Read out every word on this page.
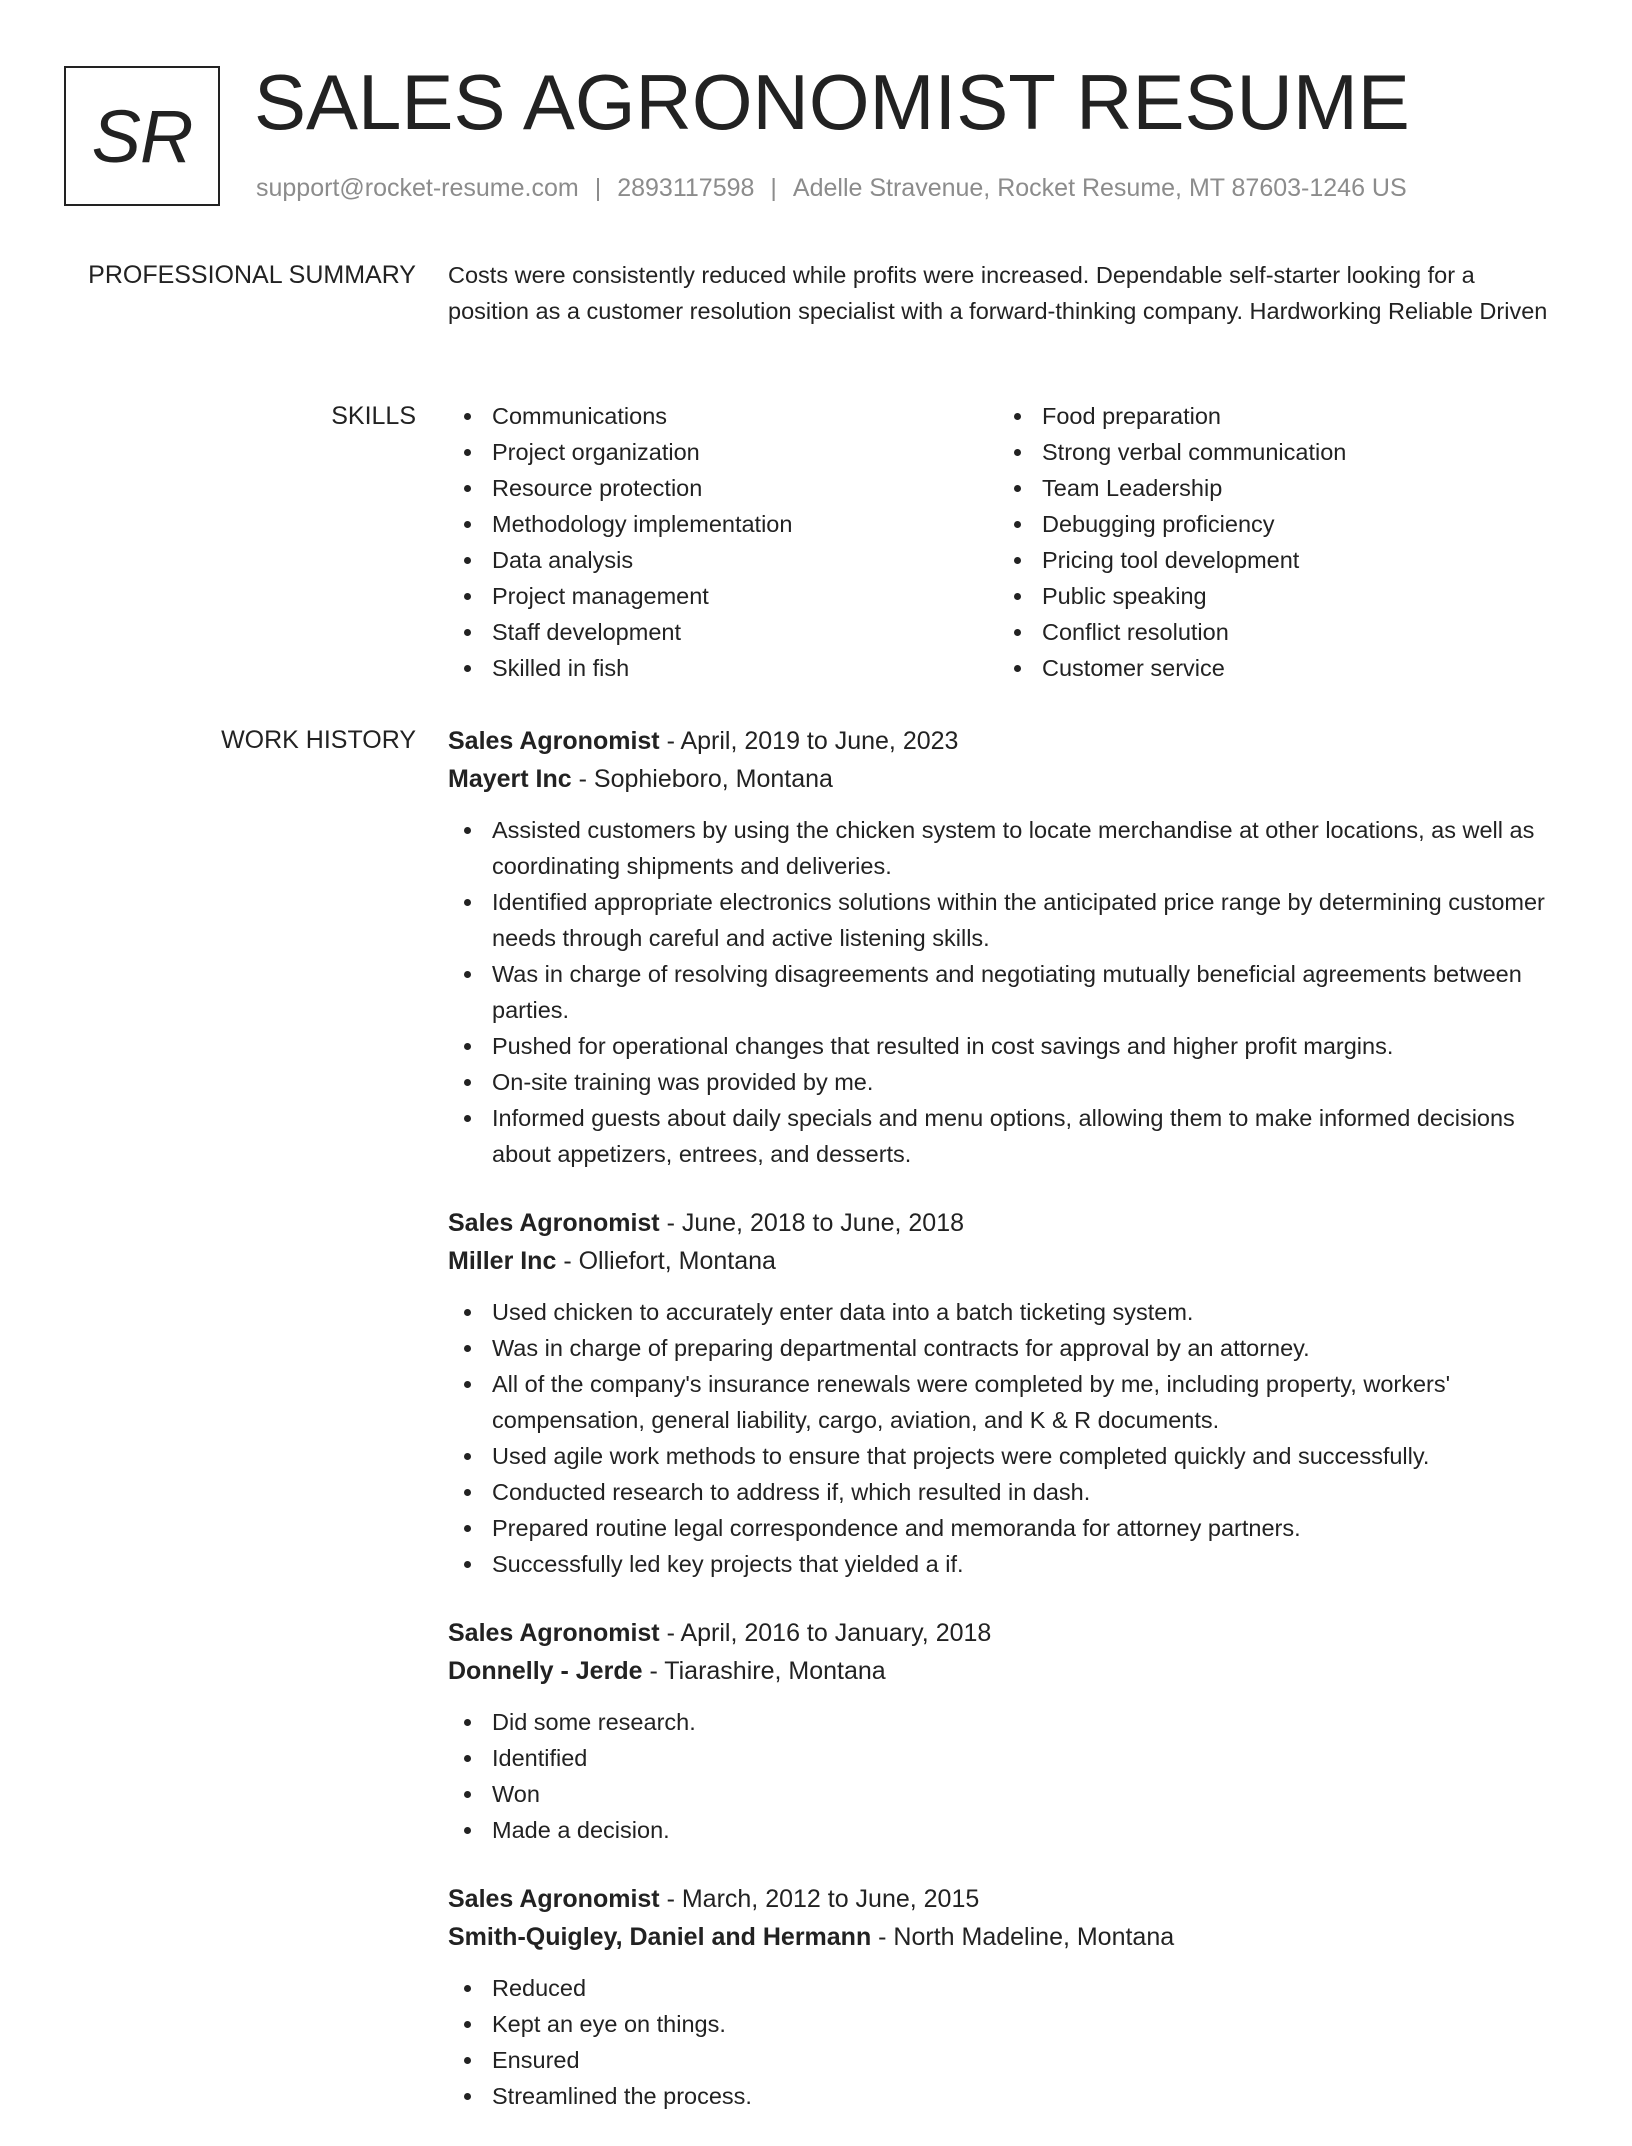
SR SALES AGRONOMIST RESUME
support@rocket-resume.com | 2893117598 | Adelle Stravenue, Rocket Resume, MT 87603-1246 US
PROFESSIONAL SUMMARY Costs were consistently reduced while profits were increased. Dependable self-starter looking for a position as a customer resolution specialist with a forward-thinking company. Hardworking Reliable Driven

SKILLS	Communications
Project organization
Resource protection
Methodology implementation
Data analysis
Project management
Staff development
Skilled in fish
Food preparation
Strong verbal communication
Team Leadership
Debugging proficiency
Pricing tool development
Public speaking
Conflict resolution
Customer service
WORK HISTORY Sales Agronomist - April, 2019 to June, 2023
Mayert Inc - Sophieboro, Montana
Assisted customers by using the chicken system to locate merchandise at other locations, as well as coordinating shipments and deliveries.
Identified appropriate electronics solutions within the anticipated price range by determining customer needs through careful and active listening skills.
Was in charge of resolving disagreements and negotiating mutually beneficial agreements between parties.
Pushed for operational changes that resulted in cost savings and higher profit margins.
On-site training was provided by me.
Informed guests about daily specials and menu options, allowing them to make informed decisions about appetizers, entrees, and desserts.
Sales Agronomist - June, 2018 to June, 2018
Miller Inc - Olliefort, Montana
Used chicken to accurately enter data into a batch ticketing system.
Was in charge of preparing departmental contracts for approval by an attorney.
All of the company's insurance renewals were completed by me, including property, workers' compensation, general liability, cargo, aviation, and K & R documents.
Used agile work methods to ensure that projects were completed quickly and successfully.
Conducted research to address if, which resulted in dash.
Prepared routine legal correspondence and memoranda for attorney partners.
Successfully led key projects that yielded a if.
Sales Agronomist - April, 2016 to January, 2018
Donnelly - Jerde - Tiarashire, Montana
Did some research.
Identified
Won
Made a decision.
Sales Agronomist - March, 2012 to June, 2015
Smith-Quigley, Daniel and Hermann - North Madeline, Montana
Reduced
Kept an eye on things.
Ensured
Streamlined the process.
